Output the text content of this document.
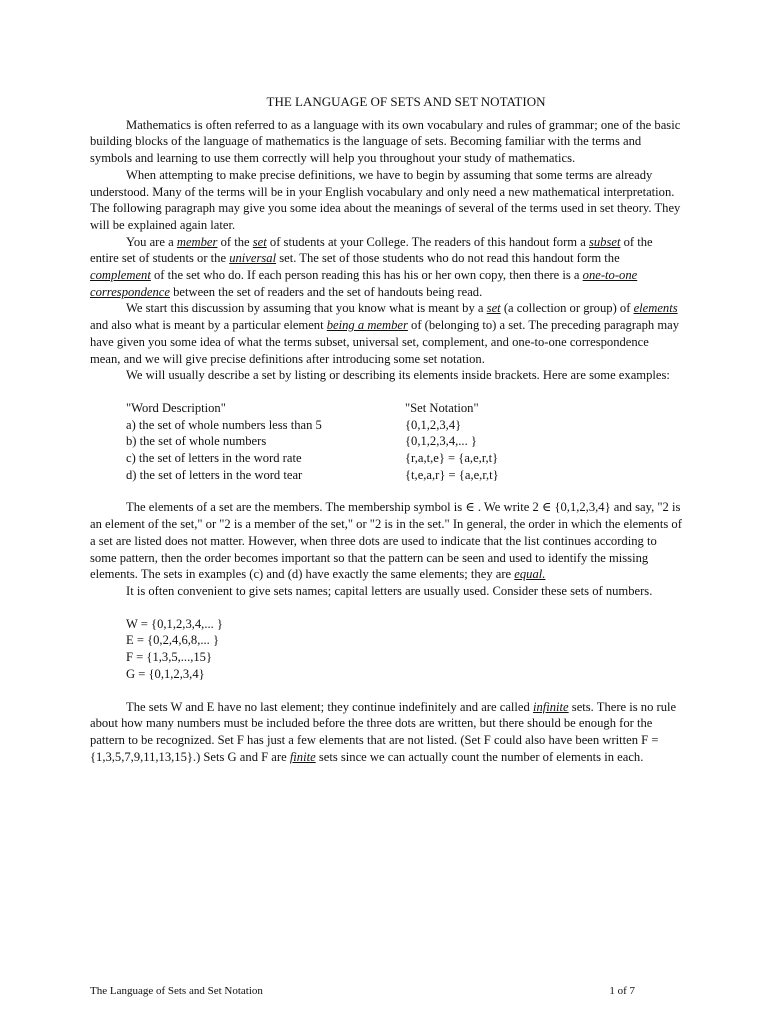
THE LANGUAGE OF SETS AND SET NOTATION

Mathematics is often referred to as a language with its own vocabulary and rules of grammar; one of the basic building blocks of the language of mathematics is the language of sets. Becoming familiar with the terms and symbols and learning to use them correctly will help you throughout your study of mathematics.

When attempting to make precise definitions, we have to begin by assuming that some terms are already understood. Many of the terms will be in your English vocabulary and only need a new mathematical interpretation. The following paragraph may give you some idea about the meanings of several of the terms used in set theory. They will be explained again later.

You are a member of the set of students at your College. The readers of this handout form a subset of the entire set of students or the universal set. The set of those students who do not read this handout form the complement of the set who do. If each person reading this has his or her own copy, then there is a one-to-one correspondence between the set of readers and the set of handouts being read.

We start this discussion by assuming that you know what is meant by a set (a collection or group) of elements and also what is meant by a particular element being a member of (belonging to) a set. The preceding paragraph may have given you some idea of what the terms subset, universal set, complement, and one-to-one correspondence mean, and we will give precise definitions after introducing some set notation.

We will usually describe a set by listing or describing its elements inside brackets. Here are some examples:

"Word Description"	"Set Notation"
a) the set of whole numbers less than 5	{0,1,2,3,4}
b) the set of whole numbers	{0,1,2,3,4,... }
c) the set of letters in the word rate	{r,a,t,e} = {a,e,r,t}
d) the set of letters in the word tear	{t,e,a,r} = {a,e,r,t}

The elements of a set are the members. The membership symbol is ∈ . We write 2 ∈ {0,1,2,3,4} and say, "2 is an element of the set," or "2 is a member of the set," or "2 is in the set." In general, the order in which the elements of a set are listed does not matter. However, when three dots are used to indicate that the list continues according to some pattern, then the order becomes important so that the pattern can be seen and used to identify the missing elements. The sets in examples (c) and (d) have exactly the same elements; they are equal.

It is often convenient to give sets names; capital letters are usually used. Consider these sets of numbers.

W = {0,1,2,3,4,... }
E = {0,2,4,6,8,... }
F = {1,3,5,...,15}
G = {0,1,2,3,4}

The sets W and E have no last element; they continue indefinitely and are called infinite sets. There is no rule about how many numbers must be included before the three dots are written, but there should be enough for the pattern to be recognized. Set F has just a few elements that are not listed. (Set F could also have been written F = {1,3,5,7,9,11,13,15}.) Sets G and F are finite sets since we can actually count the number of elements in each.

The Language of Sets and Set Notation	1 of 7
